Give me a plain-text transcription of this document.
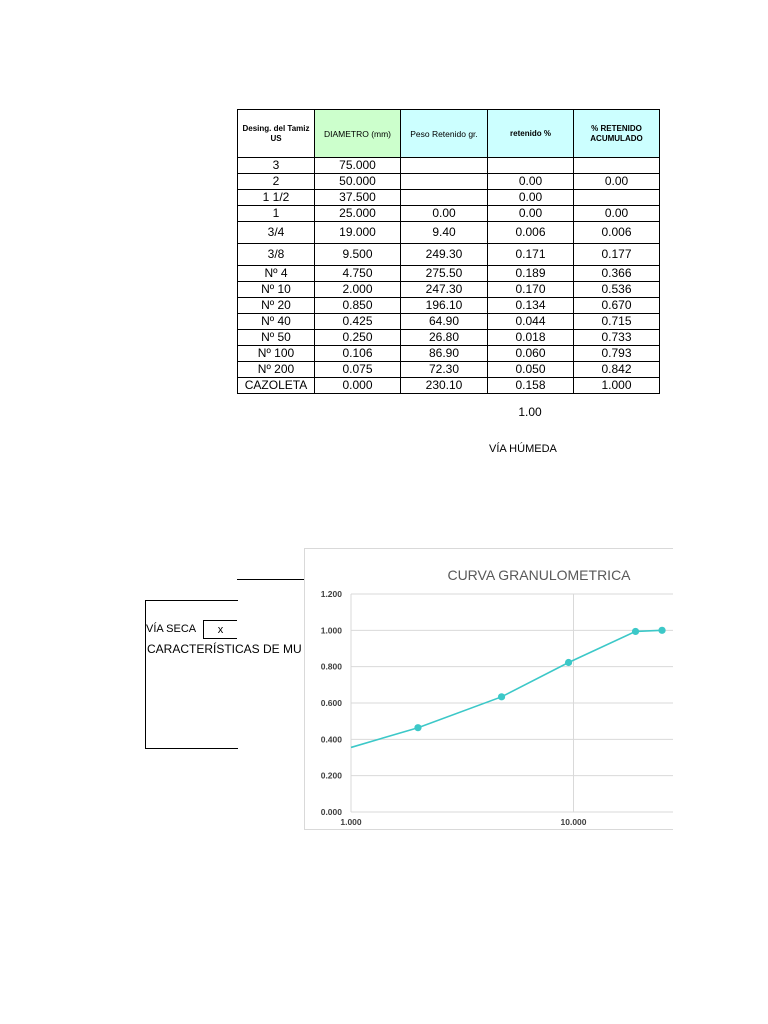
Desing. del Tamiz US	DIAMETRO (mm)	Peso Retenido gr.	retenido %	% RETENIDO ACUMULADO
3	75.000			
2	50.000		0.00	0.00
1 1/2	37.500		0.00	
1	25.000	0.00	0.00	0.00
3/4	19.000	9.40	0.006	0.006
3/8	9.500	249.30	0.171	0.177
Nº 4	4.750	275.50	0.189	0.366
Nº 10	2.000	247.30	0.170	0.536
Nº 20	0.850	196.10	0.134	0.670
Nº 40	0.425	64.90	0.044	0.715
Nº 50	0.250	26.80	0.018	0.733
Nº 100	0.106	86.90	0.060	0.793
Nº 200	0.075	72.30	0.050	0.842
CAZOLETA	0.000	230.10	0.158	1.000
1.00
VÍA HÚMEDA
VÍA SECA	x
CARACTERÍSTICAS DE MU
CURVA GRANULOMETRICA
0.000
0.200
0.400
0.600
0.800
1.000
1.200
1.000	10.000
